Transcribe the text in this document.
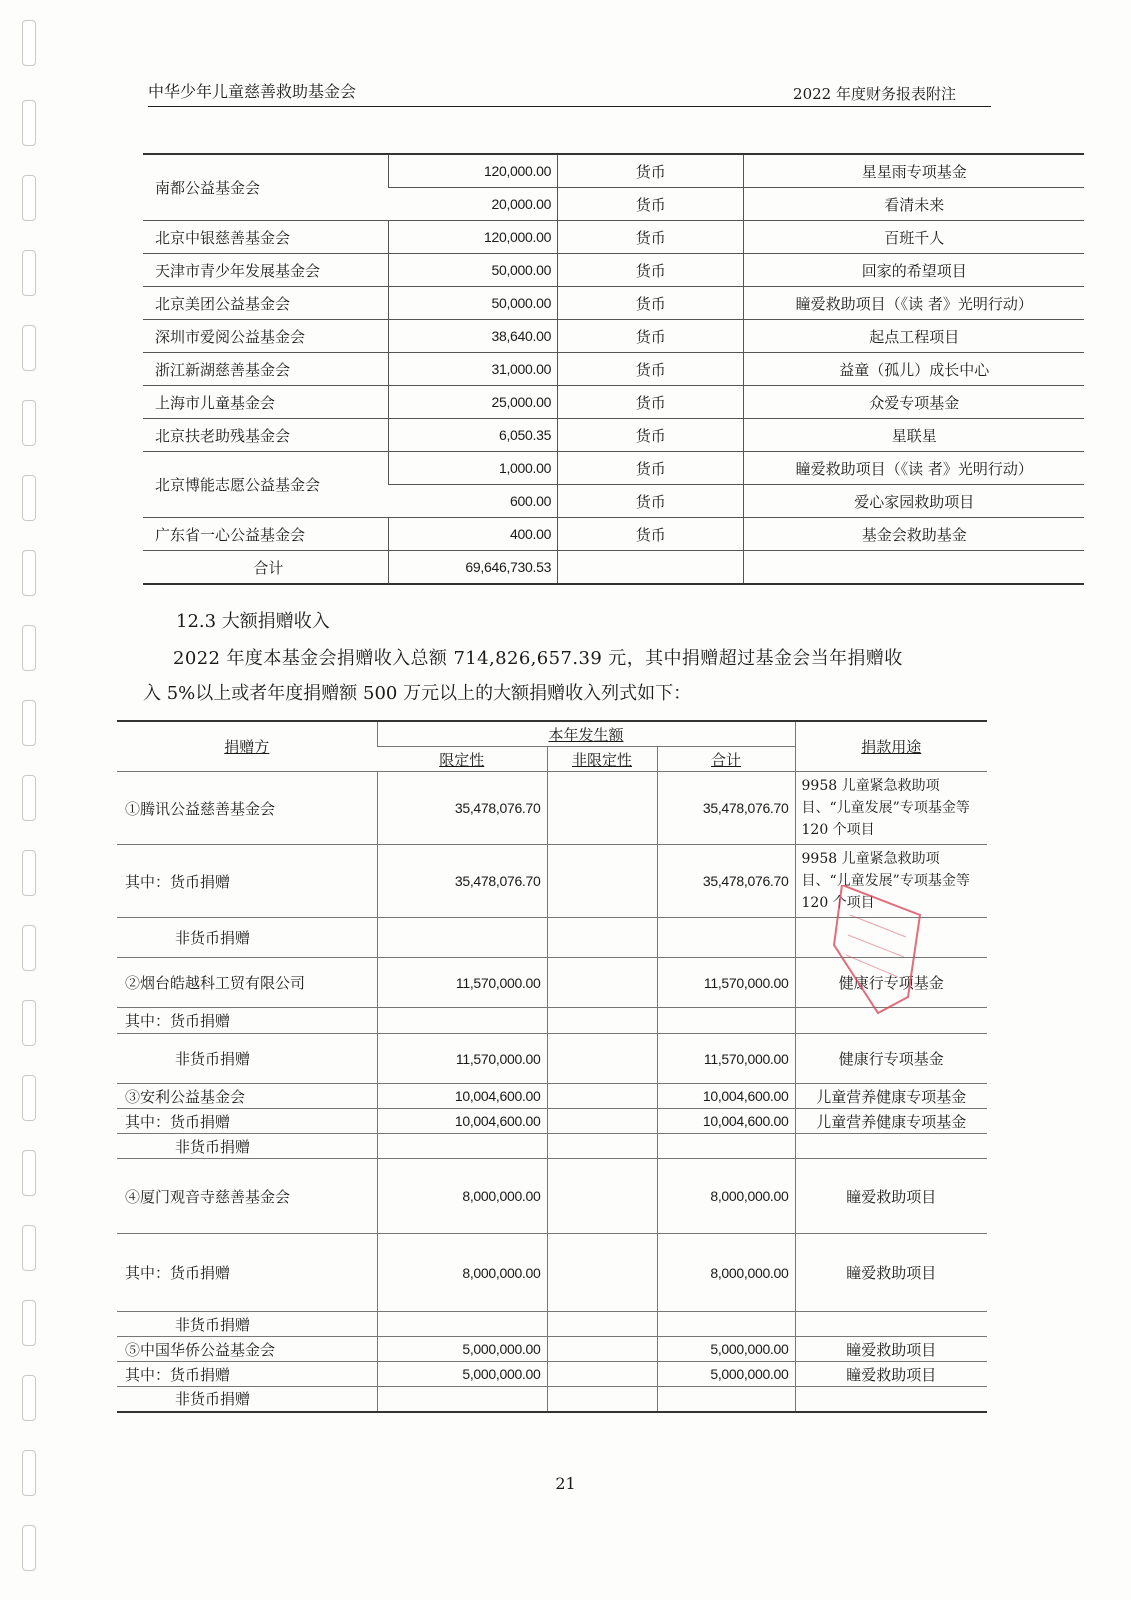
中华少年儿童慈善救助基金会	2022 年度财务报表附注
南都公益基金会	120,000.00	货币	星星雨专项基金
	20,000.00	货币	看清未来
北京中银慈善基金会	120,000.00	货币	百班千人
天津市青少年发展基金会	50,000.00	货币	回家的希望项目
北京美团公益基金会	50,000.00	货币	瞳爱救助项目（《读 者》光明行动）
深圳市爱阅公益基金会	38,640.00	货币	起点工程项目
浙江新湖慈善基金会	31,000.00	货币	益童（孤儿）成长中心
上海市儿童基金会	25,000.00	货币	众爱专项基金
北京扶老助残基金会	6,050.35	货币	星联星
北京博能志愿公益基金会	1,000.00	货币	瞳爱救助项目（《读 者》光明行动）
	600.00	货币	爱心家园救助项目
广东省一心公益基金会	400.00	货币	基金会救助基金
合计	69,646,730.53		
12.3 大额捐赠收入
2022 年度本基金会捐赠收入总额 714,826,657.39 元，其中捐赠超过基金会当年捐赠收
入 5%以上或者年度捐赠额 500 万元以上的大额捐赠收入列式如下：
捐赠方	本年发生额			捐款用途
	限定性	非限定性	合计	
①腾讯公益慈善基金会	35,478,076.70		35,478,076.70	9958 儿童紧急救助项目、“儿童发展”专项基金等 120 个项目
其中：货币捐赠	35,478,076.70		35,478,076.70	9958 儿童紧急救助项目、“儿童发展”专项基金等 120 个项目
非货币捐赠				
②烟台皓越科工贸有限公司	11,570,000.00		11,570,000.00	健康行专项基金
其中：货币捐赠				
非货币捐赠	11,570,000.00		11,570,000.00	健康行专项基金
③安利公益基金会	10,004,600.00		10,004,600.00	儿童营养健康专项基金
其中：货币捐赠	10,004,600.00		10,004,600.00	儿童营养健康专项基金
非货币捐赠				
④厦门观音寺慈善基金会	8,000,000.00		8,000,000.00	瞳爱救助项目
其中：货币捐赠	8,000,000.00		8,000,000.00	瞳爱救助项目
非货币捐赠				
⑤中国华侨公益基金会	5,000,000.00		5,000,000.00	瞳爱救助项目
其中：货币捐赠	5,000,000.00		5,000,000.00	瞳爱救助项目
非货币捐赠				
21
